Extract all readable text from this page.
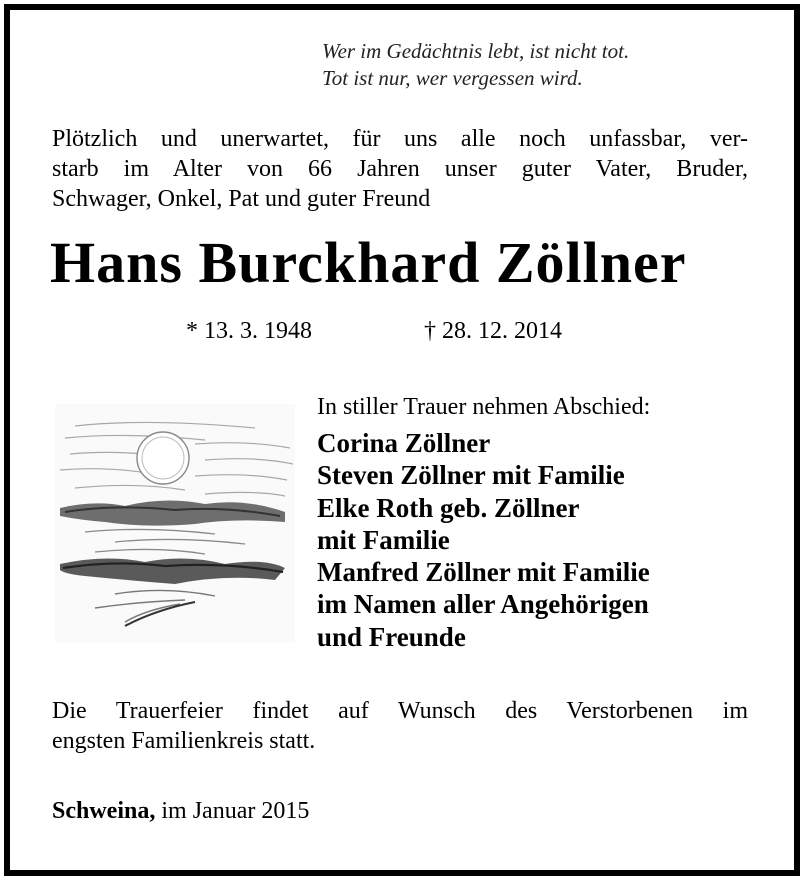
Wer im Gedächtnis lebt, ist nicht tot.
Tot ist nur, wer vergessen wird.
Plötzlich und unerwartet, für uns alle noch unfassbar, ver-
starb im Alter von 66 Jahren unser guter Vater, Bruder,
Schwager, Onkel, Pat und guter Freund
Hans Burckhard Zöllner
* 13. 3. 1948	† 28. 12. 2014
In stiller Trauer nehmen Abschied:
Corina Zöllner
Steven Zöllner mit Familie
Elke Roth geb. Zöllner
mit Familie
Manfred Zöllner mit Familie
im Namen aller Angehörigen
und Freunde
Die Trauerfeier findet auf Wunsch des Verstorbenen im
engsten Familienkreis statt.
Schweina, im Januar 2015
